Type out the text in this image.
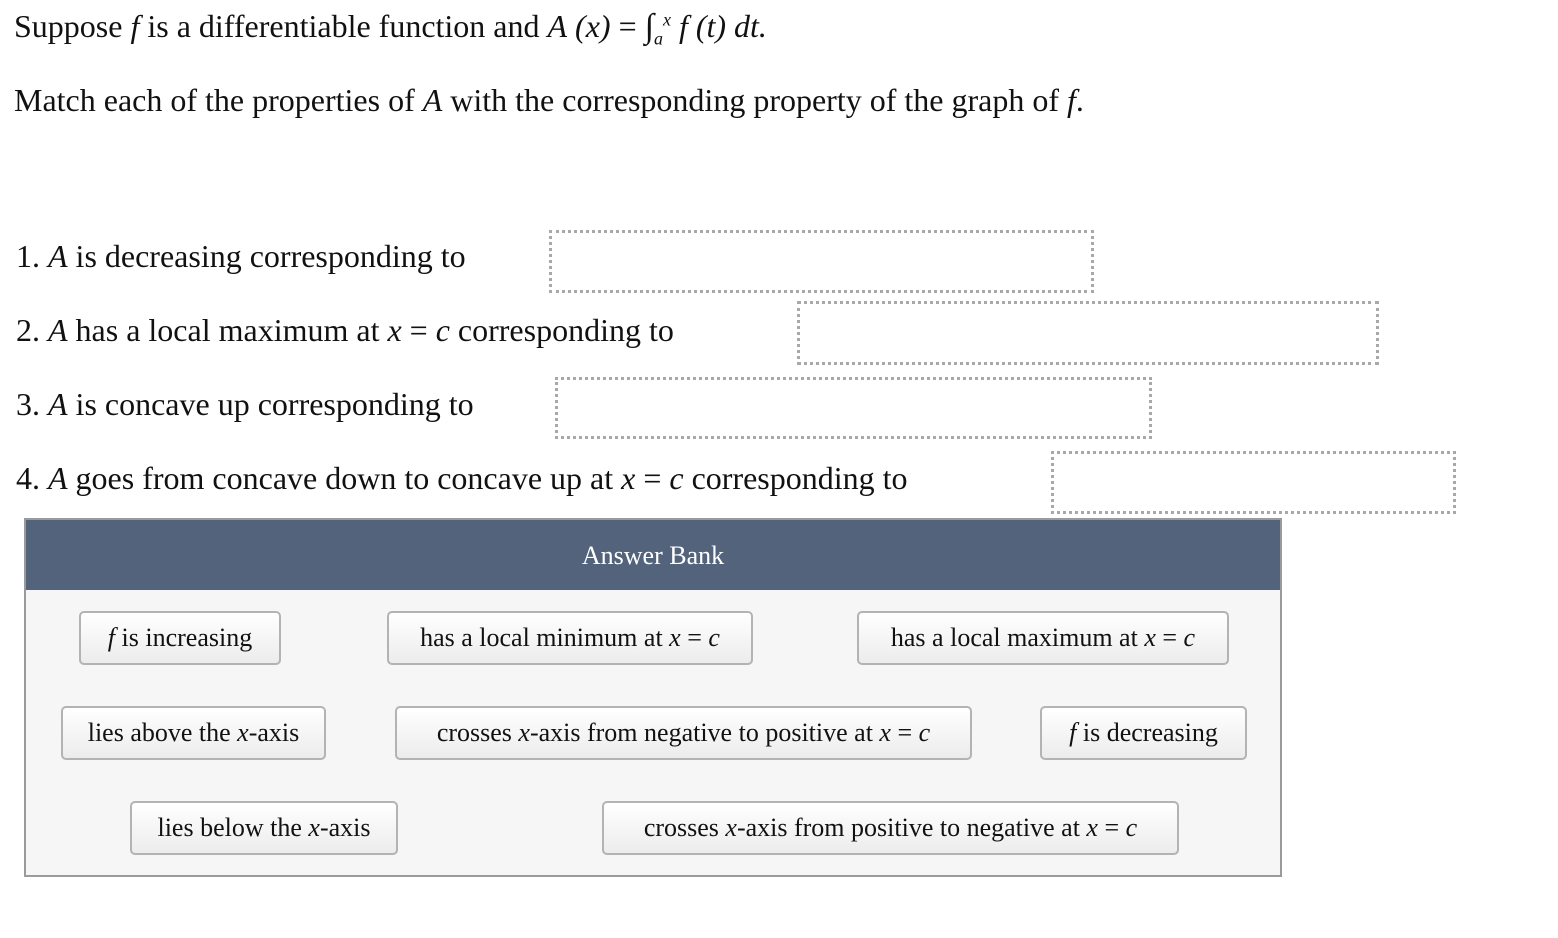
Suppose f is a differentiable function and A $(x) = \int_a^x$ f (t) dt.
Match each of the properties of A with the corresponding property of the graph of f.
1. A is decreasing corresponding to
2. A has a local maximum at x = c corresponding to
3. A is concave up corresponding to
4. A goes from concave down to concave up at x = c corresponding to
Answer Bank
f is increasing	has a local minimum at x = c	has a local maximum at x = c
lies above the x-axis	crosses x-axis from negative to positive at x = c	f is decreasing
lies below the x-axis	crosses x-axis from positive to negative at x = c
